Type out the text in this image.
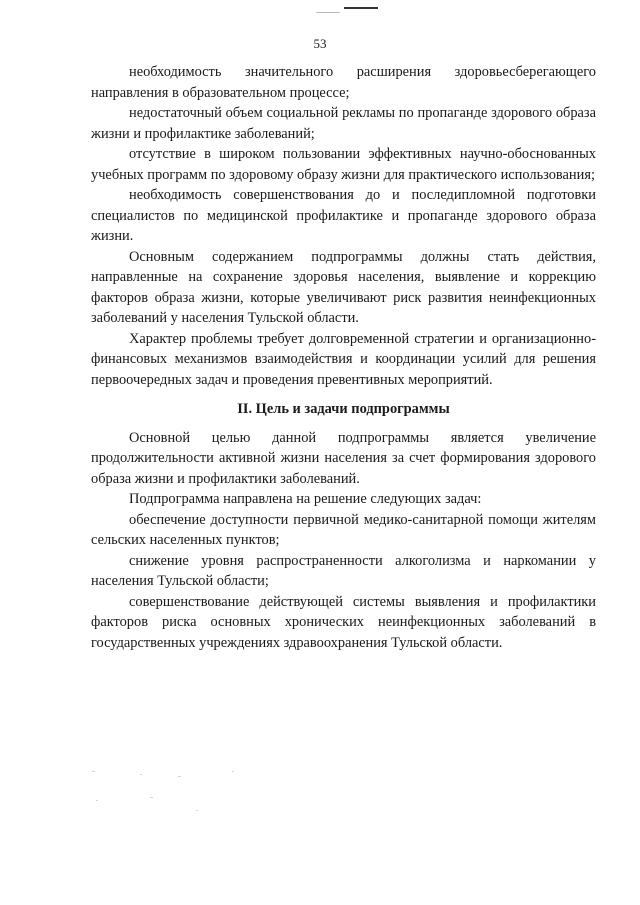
53

необходимость значительного расширения здоровьесберегающего направления в образовательном процессе;

недостаточный объем социальной рекламы по пропаганде здорового образа жизни и профилактике заболеваний;

отсутствие в широком пользовании эффективных научно-обоснованных учебных программ по здоровому образу жизни для практического использования;

необходимость совершенствования до и последипломной подготовки специалистов по медицинской профилактике и пропаганде здорового образа жизни.

Основным содержанием подпрограммы должны стать действия, направленные на сохранение здоровья населения, выявление и коррекцию факторов образа жизни, которые увеличивают риск развития неинфекционных заболеваний у населения Тульской области.

Характер проблемы требует долговременной стратегии и организационно-финансовых механизмов взаимодействия и координации усилий для решения первоочередных задач и проведения превентивных мероприятий.

II. Цель и задачи подпрограммы

Основной целью данной подпрограммы является увеличение продолжительности активной жизни населения за счет формирования здорового образа жизни и профилактики заболеваний.

Подпрограмма направлена на решение следующих задач:

обеспечение доступности первичной медико-санитарной помощи жителям сельских населенных пунктов;

снижение уровня распространенности алкоголизма и наркомании у населения Тульской области;

совершенствование действующей системы выявления и профилактики факторов риска основных хронических неинфекционных заболеваний в государственных учреждениях здравоохранения Тульской области.
